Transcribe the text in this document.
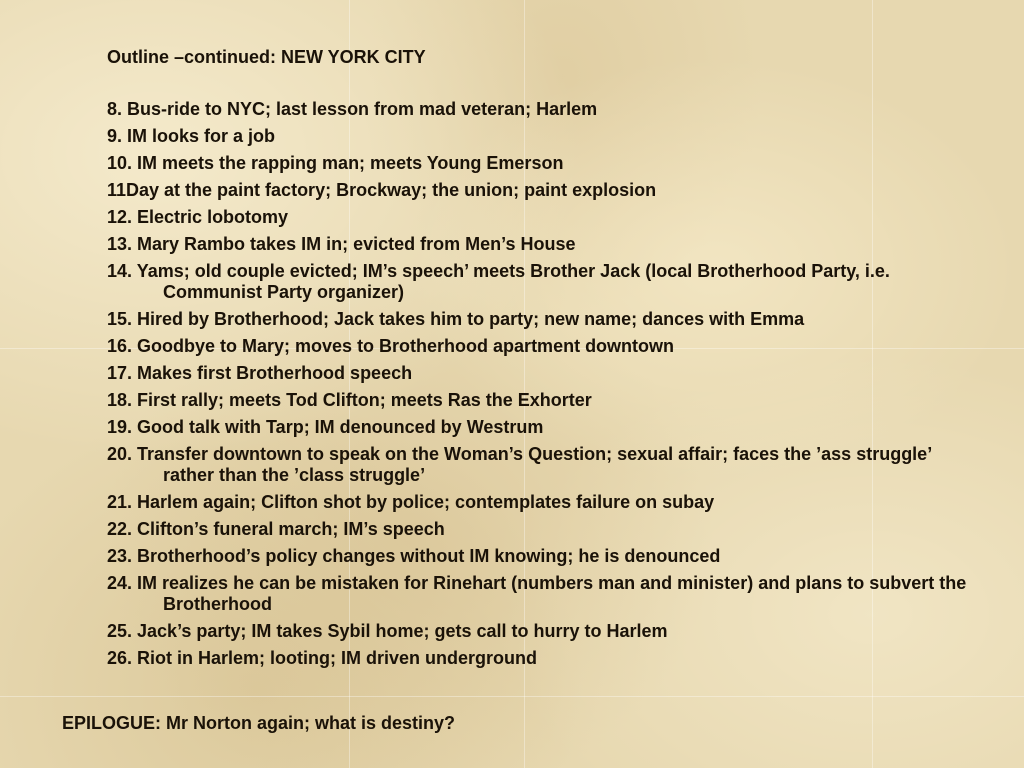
Outline –continued: NEW YORK CITY
8. Bus-ride to NYC; last lesson from mad veteran; Harlem
9. IM looks for a job
10. IM meets the rapping man; meets Young Emerson
11Day at the paint factory; Brockway; the union; paint explosion
12. Electric lobotomy
13. Mary Rambo takes IM in; evicted from Men’s House
14. Yams; old couple evicted; IM’s speech’ meets Brother Jack (local Brotherhood Party, i.e. Communist Party organizer)
15. Hired by Brotherhood; Jack takes him to party; new name; dances with Emma
16. Goodbye to Mary; moves to Brotherhood apartment downtown
17. Makes first Brotherhood speech
18. First rally; meets Tod Clifton; meets Ras the Exhorter
19. Good talk with Tarp; IM denounced by Westrum
20. Transfer downtown to speak on the Woman’s Question; sexual affair; faces the ’ass struggle’ rather than the ’class struggle’
21. Harlem again; Clifton shot by police; contemplates failure on subay
22. Clifton’s funeral march; IM’s speech
23. Brotherhood’s policy changes without IM knowing; he is denounced
24. IM realizes he can be mistaken for Rinehart (numbers man and minister) and plans to subvert the Brotherhood
25. Jack’s party; IM takes Sybil home; gets call to hurry to Harlem
26. Riot in Harlem; looting; IM driven underground
EPILOGUE: Mr Norton again; what is destiny?
